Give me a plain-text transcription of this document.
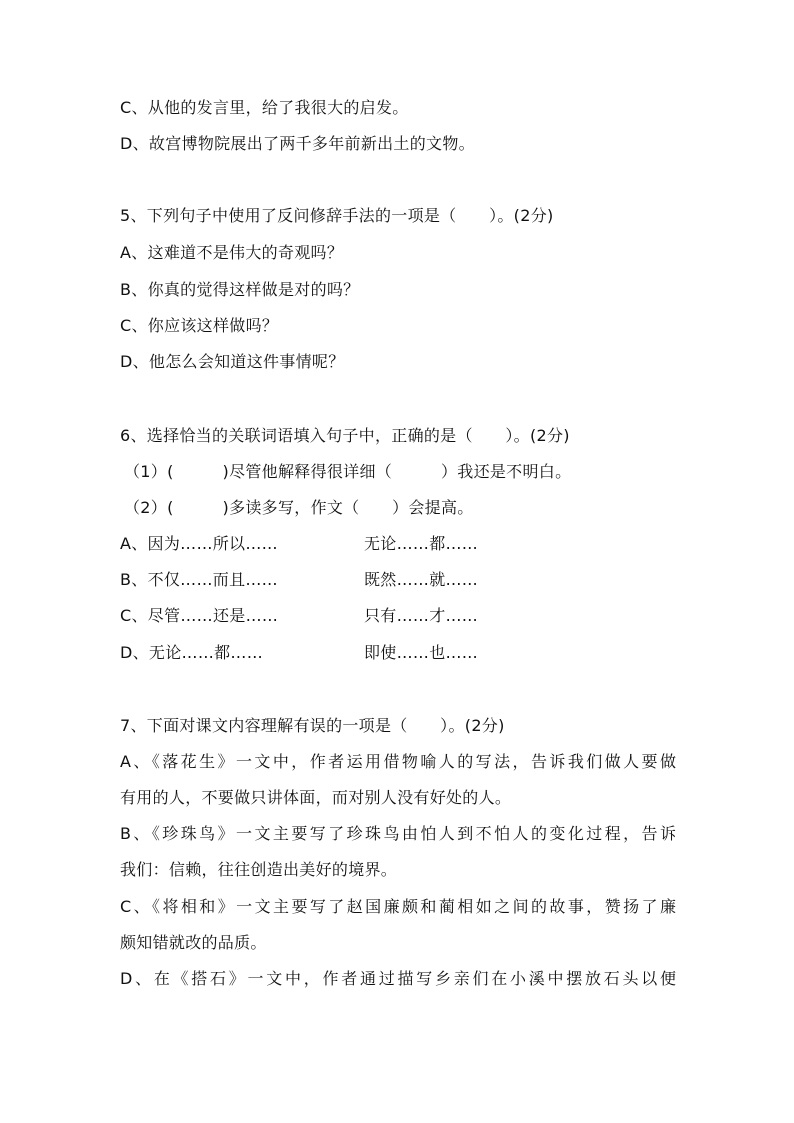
C、从他的发言里，给了我很大的启发。
D、故宫博物院展出了两千多年前新出土的文物。
5、下列句子中使用了反问修辞手法的一项是（　　）。(2分)
A、这难道不是伟大的奇观吗？
B、你真的觉得这样做是对的吗？
C、你应该这样做吗？
D、他怎么会知道这件事情呢？
6、选择恰当的关联词语填入句子中，正确的是（　　）。(2分)
（1）(　　　)尽管他解释得很详细（　　　）我还是不明白。
（2）(　　　)多读多写，作文（　　）会提高。
A、因为……所以……	无论……都……
B、不仅……而且……	既然……就……
C、尽管……还是……	只有……才……
D、无论……都……	即使……也……
7、下面对课文内容理解有误的一项是（　　）。(2分)
A、《落花生》一文中，作者运用借物喻人的写法，告诉我们做人要做
有用的人，不要做只讲体面，而对别人没有好处的人。
B、《珍珠鸟》一文主要写了珍珠鸟由怕人到不怕人的变化过程，告诉
我们：信赖，往往创造出美好的境界。
C、《将相和》一文主要写了赵国廉颇和蔺相如之间的故事，赞扬了廉
颇知错就改的品质。
D、在《搭石》一文中，作者通过描写乡亲们在小溪中摆放石头以便
